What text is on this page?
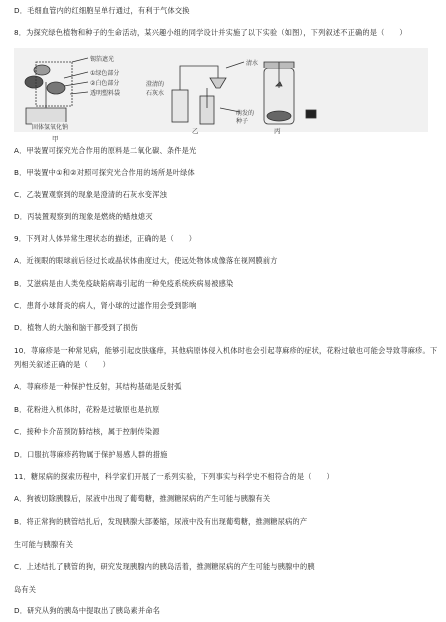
D．毛细血管内的红细胞呈单行通过，有利于气体交换
8．为探究绿色植物和种子的生命活动，某兴趣小组的同学设计并实施了以下实验（如图），下列叙述不正确的是（　　）
锡箔遮光
①绿色部分
②白色部分
透明塑料袋
固体氢氧化钠
澄清的石灰水
清水
萌发的种子
甲
乙	丙
A．甲装置可探究光合作用的原料是二氧化碳、条件是光
B．甲装置中①和②对照可探究光合作用的场所是叶绿体
C．乙装置观察到的现象是澄清的石灰水变浑浊
D．丙装置观察到的现象是燃烧的蜡烛熄灭
9．下列对人体异常生理状态的描述，正确的是（　　）
A．近视眼的眼球前后径过长或晶状体曲度过大，使远处物体成像落在视网膜前方
B．艾滋病是由人类免疫缺陷病毒引起的一种免疫系统疾病易被感染
C．患肾小球肾炎的病人，肾小球的过滤作用会受到影响
D．植物人的大脑和脑干都受到了损伤
10．荨麻疹是一种常见病，能够引起皮肤瘙痒，其他病原体侵入机体时也会引起荨麻疹的症状，花粉过敏也可能会导致荨麻疹。下
列相关叙述正确的是（　　）
A．荨麻疹是一种保护性反射，其结构基础是反射弧
B．花粉进入机体时，花粉是过敏原也是抗原
C．接种卡介苗预防肺结核，属于控制传染源
D．口服抗荨麻疹药物属于保护易感人群的措施
11．糖尿病的探索历程中，科学家们开展了一系列实验，下列事实与科学史不相符合的是（　　）
A．狗被切除胰腺后，尿液中出现了葡萄糖，推测糖尿病的产生可能与胰腺有关
B．将正常狗的胰管结扎后，发现胰腺大部萎缩，尿液中没有出现葡萄糖，推测糖尿病的产
生可能与胰腺有关
C．上述结扎了胰管的狗，研究发现胰腺内的胰岛活着，推测糖尿病的产生可能与胰腺中的胰
岛有关
D．研究从狗的胰岛中提取出了胰岛素并命名
